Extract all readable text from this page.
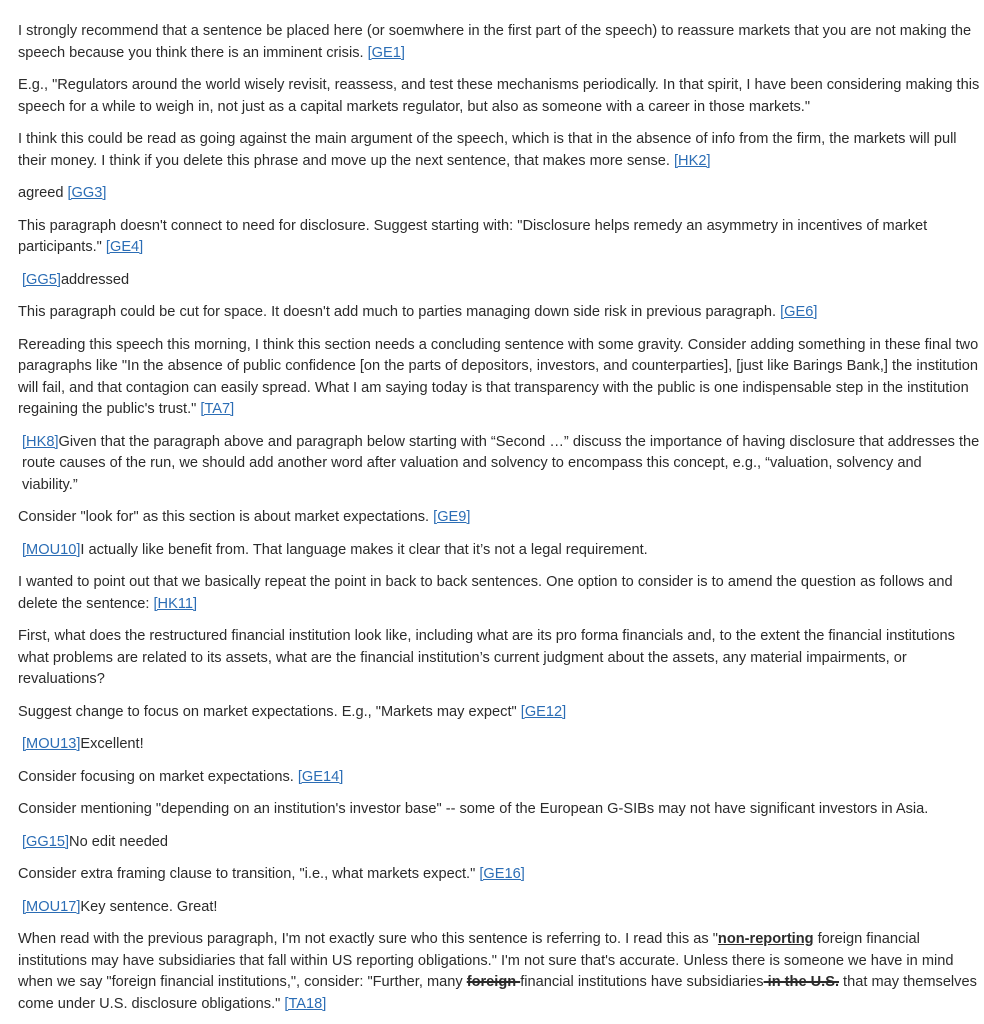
I strongly recommend that a sentence be placed here (or soemwhere in the first part of the speech) to reassure markets that you are not making the speech because you think there is an imminent crisis. [GE1]

E.g., "Regulators around the world wisely revisit, reassess, and test these mechanisms periodically. In that spirit, I have been considering making this speech for a while to weigh in, not just as a capital markets regulator, but also as someone with a career in those markets."

I think this could be read as going against the main argument of the speech, which is that in the absence of info from the firm, the markets will pull their money. I think if you delete this phrase and move up the next sentence, that makes more sense. [HK2]

agreed [GG3]

This paragraph doesn't connect to need for disclosure. Suggest starting with: "Disclosure helps remedy an asymmetry in incentives of market participants." [GE4]

[GG5]addressed

This paragraph could be cut for space. It doesn't add much to parties managing down side risk in previous paragraph. [GE6]

Rereading this speech this morning, I think this section needs a concluding sentence with some gravity. Consider adding something in these final two paragraphs like "In the absence of public confidence [on the parts of depositors, investors, and counterparties], [just like Barings Bank,] the institution will fail, and that contagion can easily spread. What I am saying today is that transparency with the public is one indispensable step in the institution regaining the public's trust." [TA7]

[HK8]Given that the paragraph above and paragraph below starting with “Second …” discuss the importance of having disclosure that addresses the route causes of the run, we should add another word after valuation and solvency to encompass this concept, e.g., “valuation, solvency and viability.”

Consider "look for" as this section is about market expectations. [GE9]

[MOU10]I actually like benefit from. That language makes it clear that it’s not a legal requirement.

I wanted to point out that we basically repeat the point in back to back sentences. One option to consider is to amend the question as follows and delete the sentence: [HK11]

First, what does the restructured financial institution look like, including what are its pro forma financials and, to the extent the financial institutions what problems are related to its assets, what are the financial institution’s current judgment about the assets, any material impairments, or revaluations?

Suggest change to focus on market expectations. E.g., "Markets may expect" [GE12]

[MOU13]Excellent!

Consider focusing on market expectations. [GE14]

Consider mentioning "depending on an institution's investor base" -- some of the European G-SIBs may not have significant investors in Asia.

[GG15]No edit needed

Consider extra framing clause to transition, "i.e., what markets expect." [GE16]

[MOU17]Key sentence. Great!

When read with the previous paragraph, I'm not exactly sure who this sentence is referring to. I read this as "non-reporting foreign financial institutions may have subsidiaries that fall within US reporting obligations." I'm not sure that's accurate. Unless there is someone we have in mind when we say "foreign financial institutions,", consider: "Further, many foreign financial institutions have subsidiaries in the U.S. that may themselves come under U.S. disclosure obligations." [TA18]
